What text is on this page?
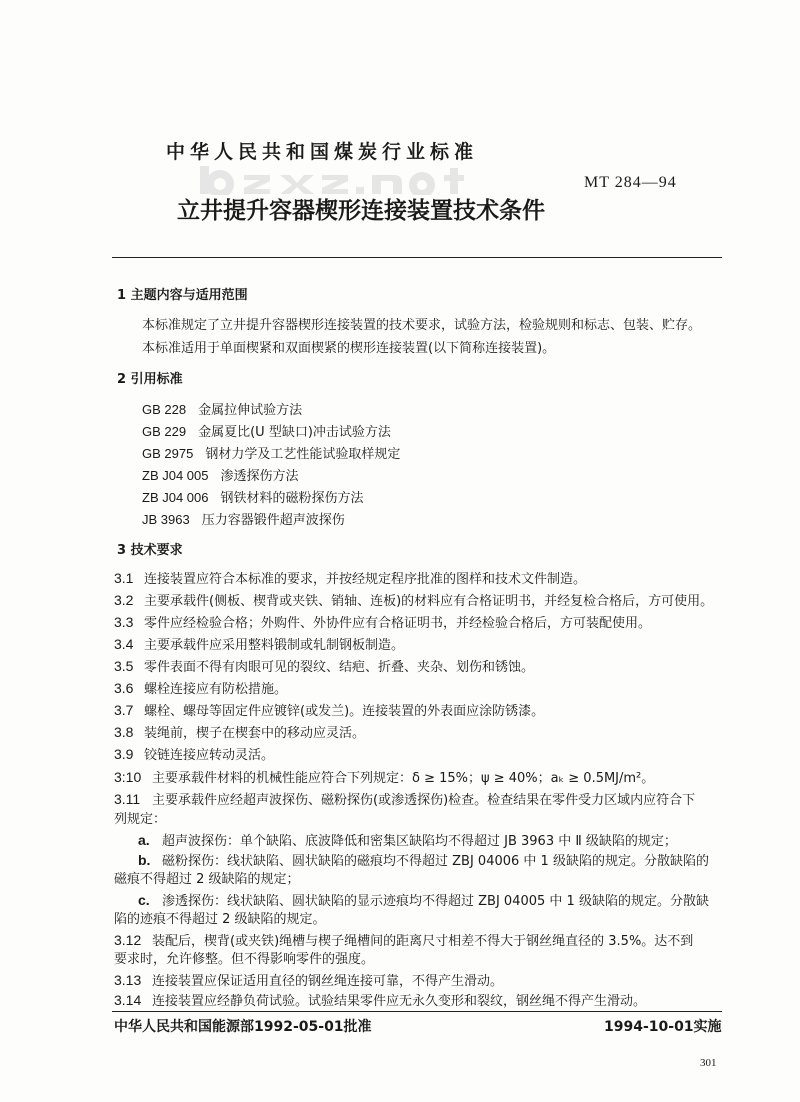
中华人民共和国煤炭行业标准
MT 284—94
立井提升容器楔形连接装置技术条件
1 主题内容与适用范围
本标准规定了立井提升容器楔形连接装置的技术要求，试验方法，检验规则和标志、包装、贮存。
本标准适用于单面楔紧和双面楔紧的楔形连接装置(以下简称连接装置)。
2 引用标准
GB 228 金属拉伸试验方法
GB 229 金属夏比(U 型缺口)冲击试验方法
GB 2975 钢材力学及工艺性能试验取样规定
ZB J04 005 渗透探伤方法
ZB J04 006 钢铁材料的磁粉探伤方法
JB 3963 压力容器锻件超声波探伤
3 技术要求
3.1 连接装置应符合本标准的要求，并按经规定程序批准的图样和技术文件制造。
3.2 主要承载件(侧板、楔背或夹铁、销轴、连板)的材料应有合格证明书，并经复检合格后，方可使用。
3.3 零件应经检验合格；外购件、外协件应有合格证明书，并经检验合格后，方可装配使用。
3.4 主要承载件应采用整料锻制或轧制钢板制造。
3.5 零件表面不得有肉眼可见的裂纹、结疤、折叠、夹杂、划伤和锈蚀。
3.6 螺栓连接应有防松措施。
3.7 螺栓、螺母等固定件应镀锌(或发兰)。连接装置的外表面应涂防锈漆。
3.8 装绳前，楔子在楔套中的移动应灵活。
3.9 铰链连接应转动灵活。
3:10 主要承载件材料的机械性能应符合下列规定：δ ≥ 15%；ψ ≥ 40%；aₖ ≥ 0.5MJ/m²。
3.11 主要承载件应经超声波探伤、磁粉探伤(或渗透探伤)检查。检查结果在零件受力区域内应符合下
列规定：
a. 超声波探伤：单个缺陷、底波降低和密集区缺陷均不得超过 JB 3963 中 Ⅱ 级缺陷的规定；
b. 磁粉探伤：线状缺陷、圆状缺陷的磁痕均不得超过 ZBJ 04006 中 1 级缺陷的规定。分散缺陷的
磁痕不得超过 2 级缺陷的规定；
c. 渗透探伤：线状缺陷、圆状缺陷的显示迹痕均不得超过 ZBJ 04005 中 1 级缺陷的规定。分散缺
陷的迹痕不得超过 2 级缺陷的规定。
3.12 装配后，楔背(或夹铁)绳槽与楔子绳槽间的距离尺寸相差不得大于钢丝绳直径的 3.5%。达不到
要求时，允许修整。但不得影响零件的强度。
3.13 连接装置应保证适用直径的钢丝绳连接可靠，不得产生滑动。
3.14 连接装置应经静负荷试验。试验结果零件应无永久变形和裂纹，钢丝绳不得产生滑动。
中华人民共和国能源部1992-05-01批准	1994-10-01实施
301
